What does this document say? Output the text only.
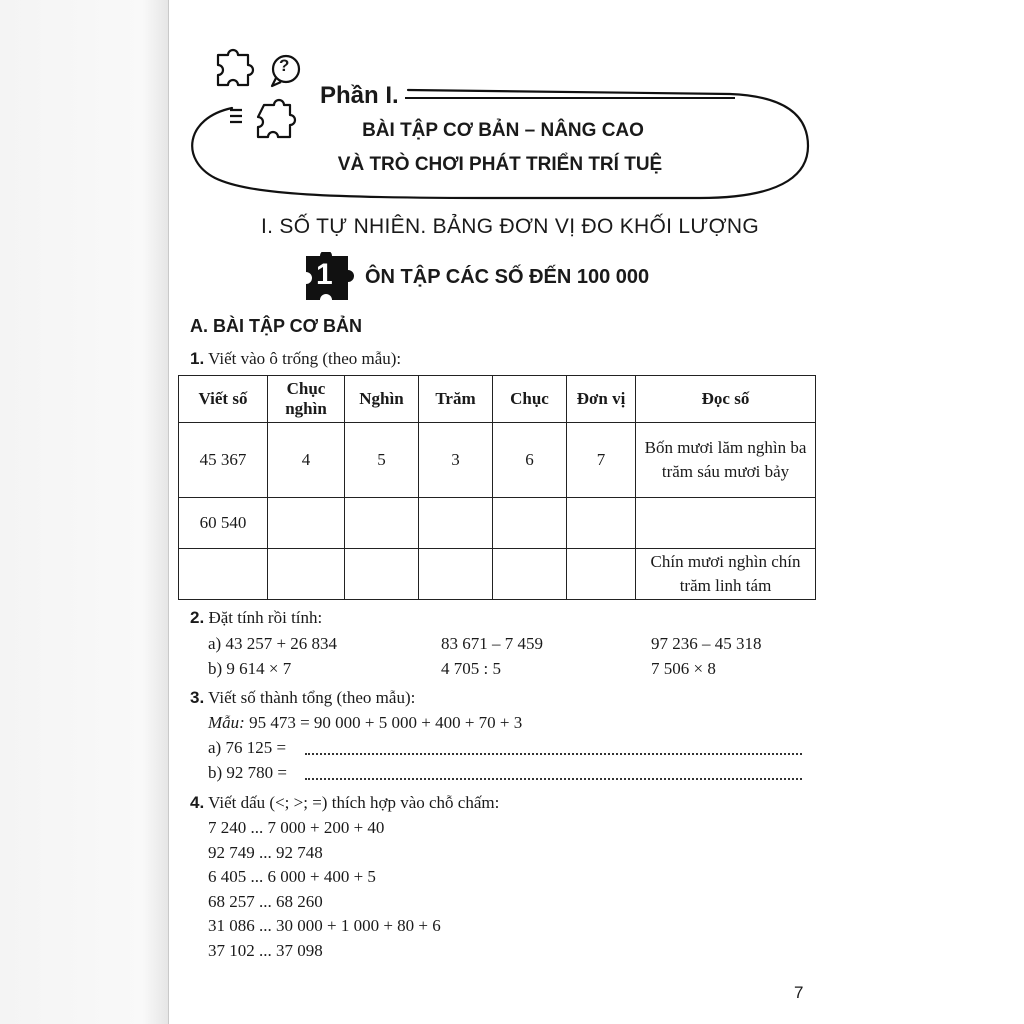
?
Phần I.
BÀI TẬP CƠ BẢN – NÂNG CAO
VÀ TRÒ CHƠI PHÁT TRIỂN TRÍ TUỆ
I. SỐ TỰ NHIÊN. BẢNG ĐƠN VỊ ĐO KHỐI LƯỢNG
1 ÔN TẬP CÁC SỐ ĐẾN 100 000
A. BÀI TẬP CƠ BẢN
1. Viết vào ô trống (theo mẫu):
Viết số	Chục nghìn	Nghìn	Trăm	Chục	Đơn vị	Đọc số
45 367	4	5	3	6	7	Bốn mươi lăm nghìn ba trăm sáu mươi bảy
60 540						
						Chín mươi nghìn chín trăm linh tám
2. Đặt tính rồi tính:
a) 43 257 + 26 834	83 671 – 7 459	97 236 – 45 318
b) 9 614 × 7	4 705 : 5	7 506 × 8
3. Viết số thành tổng (theo mẫu):
Mẫu: 95 473 = 90 000 + 5 000 + 400 + 70 + 3
a) 76 125 =
b) 92 780 =
4. Viết dấu (<; >; =) thích hợp vào chỗ chấm:
7 240 ... 7 000 + 200 + 40
92 749 ... 92 748
6 405 ... 6 000 + 400 + 5
68 257 ... 68 260
31 086 ... 30 000 + 1 000 + 80 + 6
37 102 ... 37 098
7
